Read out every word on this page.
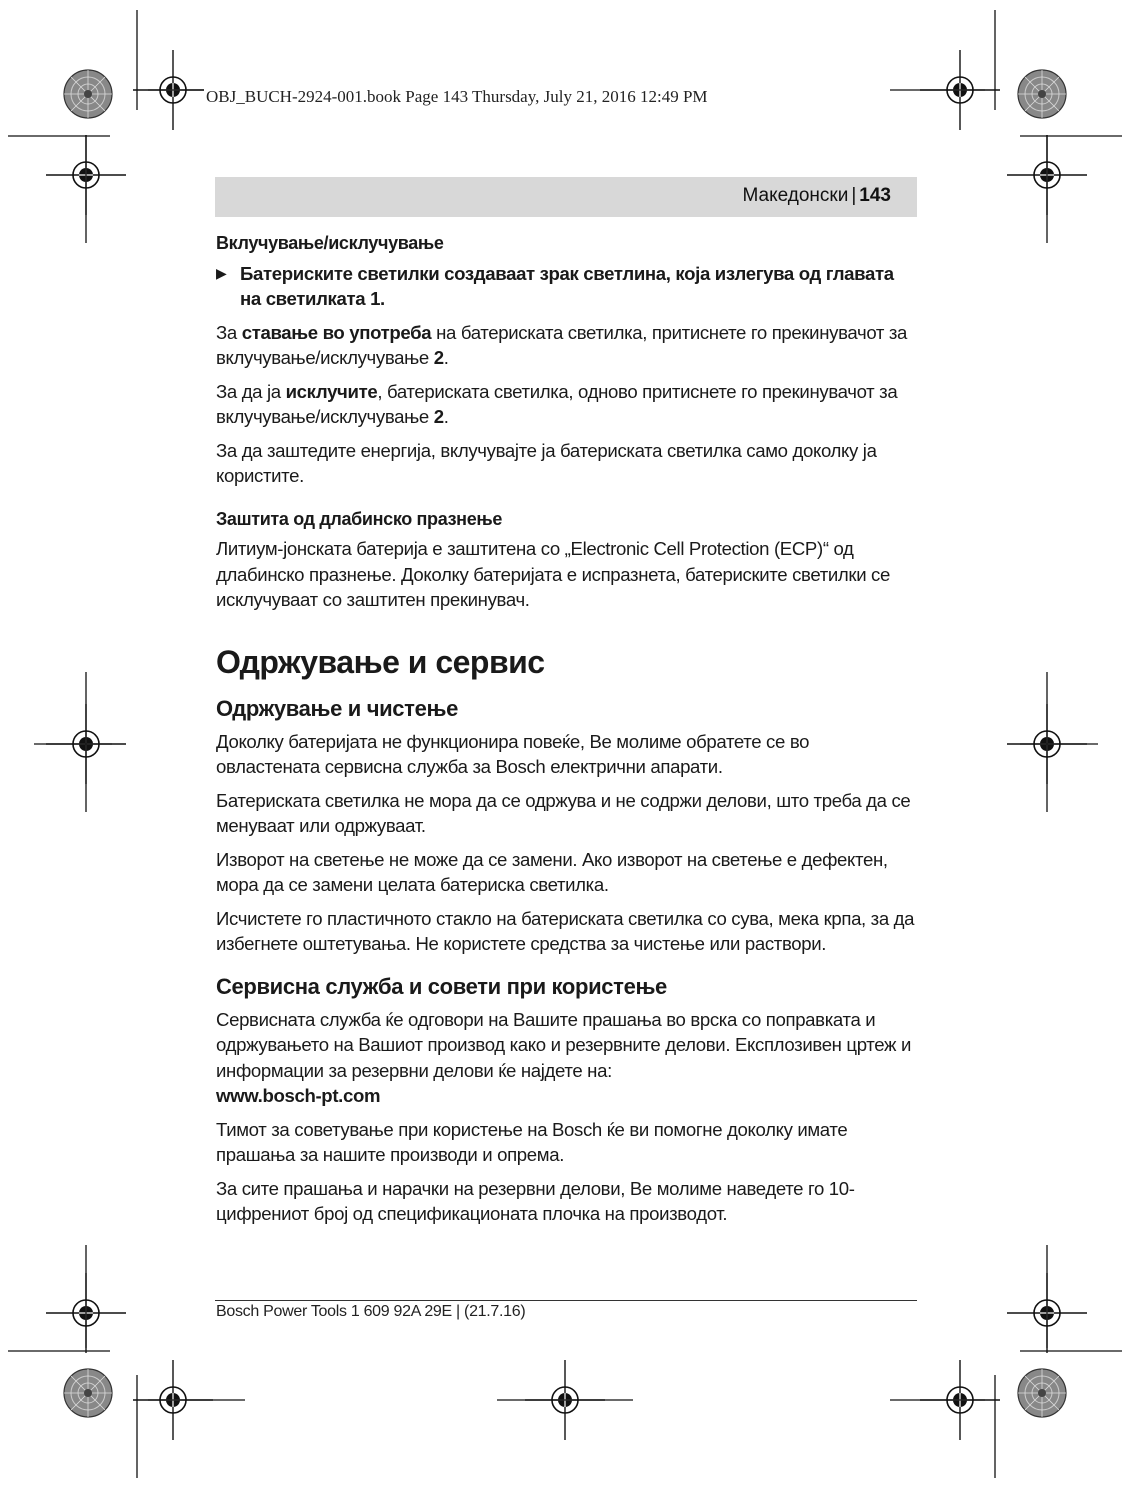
OBJ_BUCH-2924-001.book Page 143 Thursday, July 21, 2016 12:49 PM
Македонски | 143
Вклучување/исклучување
▶ Батериските светилки создаваат зрак светлина, која излегува од главата на светилката 1.

За ставање во употреба на батериската светилка, притиснете го прекинувачот за вклучување/исклучување 2.

За да ја исклучите, батериската светилка, одново притиснете го прекинувачот за вклучување/исклучување 2.

За да заштедите енергија, вклучувајте ја батериската светилка само доколку ја користите.

Заштита од длабинско празнење

Литиум-јонската батерија е заштитена со „Electronic Cell Protection (ECP)“ од длабинско празнење. Доколку батеријата е испразнета, батериските светилки се исклучуваат со заштитен прекинувач.

Одржување и сервис
Одржување и чистење

Доколку батеријата не функционира повеќе, Ве молиме обратете се во овластената сервисна служба за Bosch електрични апарати.

Батериската светилка не мора да се одржува и не содржи делови, што треба да се менуваат или одржуваат.

Изворот на светење не може да се замени. Ако изворот на светење е дефектен, мора да се замени целата батериска светилка.

Исчистете го пластичното стакло на батериската светилка со сува, мека крпа, за да избегнете оштетувања. Не користете средства за чистење или раствори.

Сервисна служба и совети при користење

Сервисната служба ќе одговори на Вашите прашања во врска со поправката и одржувањето на Вашиот производ како и резервните делови. Експлозивен цртеж и информации за резервни делови ќе најдете на:

www.bosch-pt.com

Тимот за советување при користење на Bosch ќе ви помогне доколку имате прашања за нашите производи и опрема.

За сите прашања и нарачки на резервни делови, Ве молиме наведете го 10-цифрениот број од спецификационата плочка на производот.

Bosch Power Tools 1 609 92A 29E | (21.7.16)
